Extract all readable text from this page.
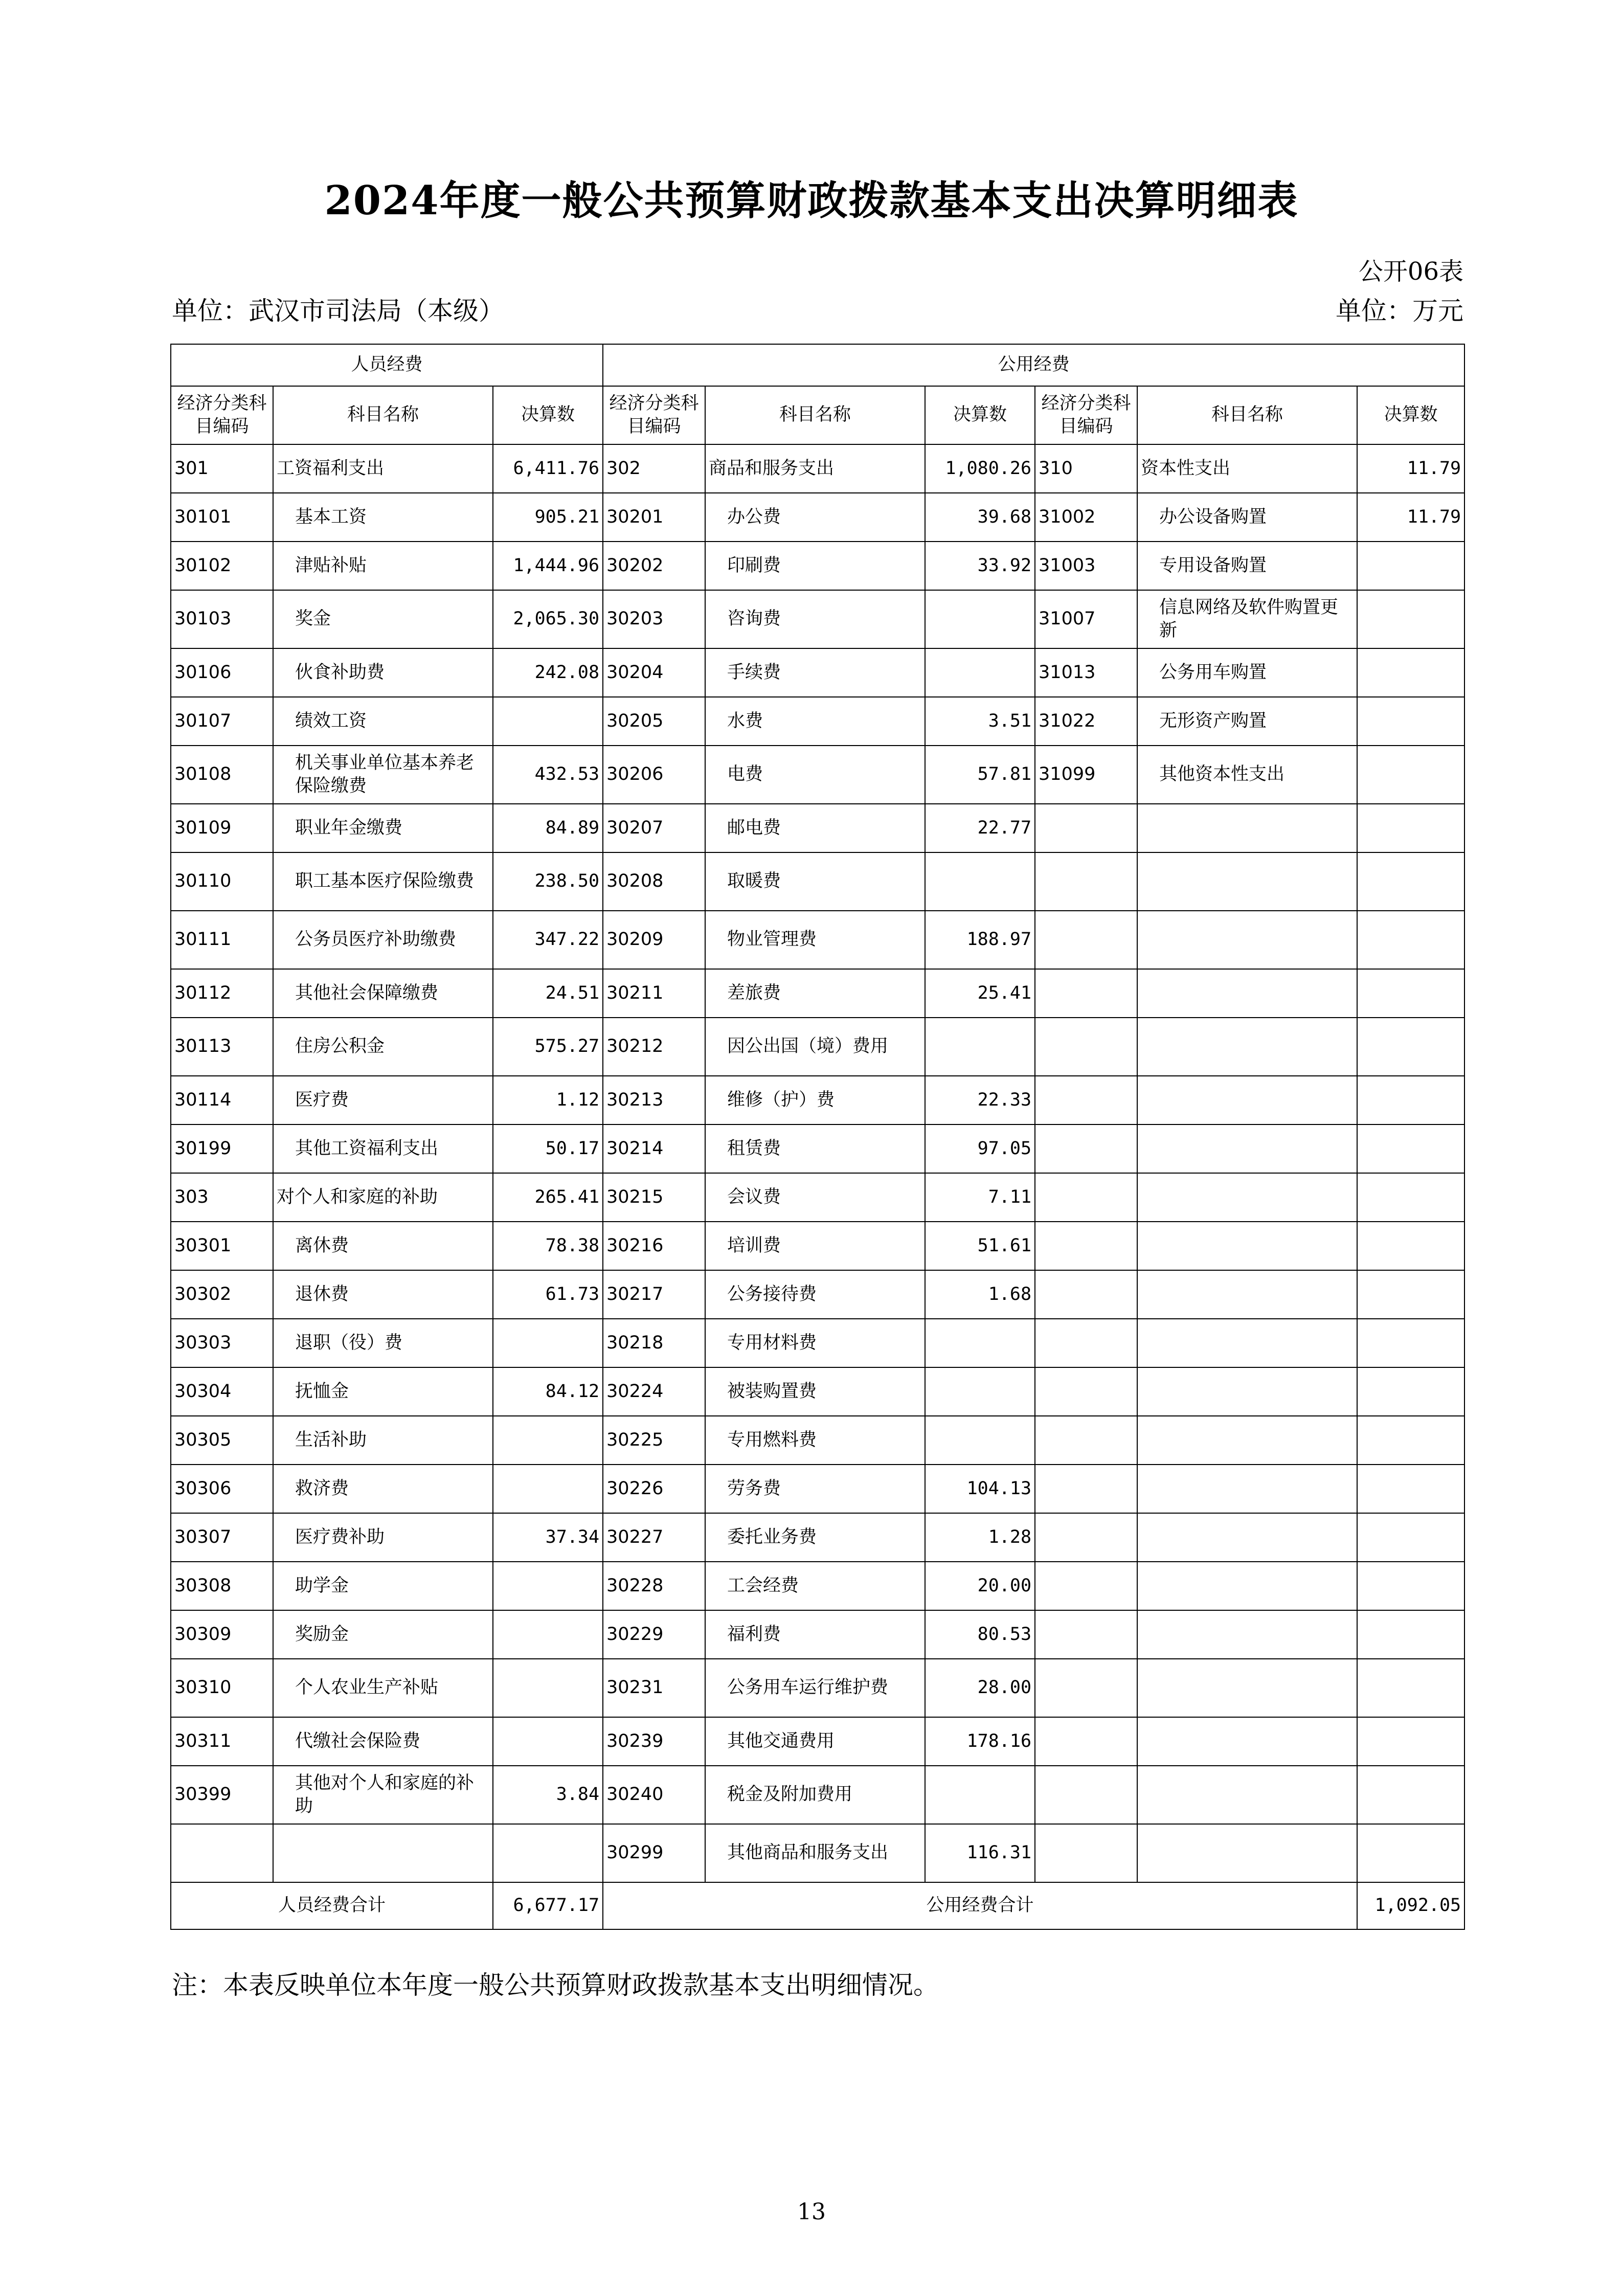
2024年度一般公共预算财政拨款基本支出决算明细表
公开06表
单位：武汉市司法局（本级）	单位：万元
人员经费			公用经费					
经济分类科目编码	科目名称	决算数	经济分类科目编码	科目名称	决算数	经济分类科目编码	科目名称	决算数
301	工资福利支出	6,411.76	302	商品和服务支出	1,080.26	310	资本性支出	11.79
30101	基本工资	905.21	30201	办公费	39.68	31002	办公设备购置	11.79
30102	津贴补贴	1,444.96	30202	印刷费	33.92	31003	专用设备购置	
30103	奖金	2,065.30	30203	咨询费		31007	信息网络及软件购置更新	
30106	伙食补助费	242.08	30204	手续费		31013	公务用车购置	
30107	绩效工资		30205	水费	3.51	31022	无形资产购置	
30108	机关事业单位基本养老保险缴费	432.53	30206	电费	57.81	31099	其他资本性支出	
30109	职业年金缴费	84.89	30207	邮电费	22.77			
30110	职工基本医疗保险缴费	238.50	30208	取暖费				
30111	公务员医疗补助缴费	347.22	30209	物业管理费	188.97			
30112	其他社会保障缴费	24.51	30211	差旅费	25.41			
30113	住房公积金	575.27	30212	因公出国（境）费用				
30114	医疗费	1.12	30213	维修（护）费	22.33			
30199	其他工资福利支出	50.17	30214	租赁费	97.05			
303	对个人和家庭的补助	265.41	30215	会议费	7.11			
30301	离休费	78.38	30216	培训费	51.61			
30302	退休费	61.73	30217	公务接待费	1.68			
30303	退职（役）费		30218	专用材料费				
30304	抚恤金	84.12	30224	被装购置费				
30305	生活补助		30225	专用燃料费				
30306	救济费		30226	劳务费	104.13			
30307	医疗费补助	37.34	30227	委托业务费	1.28			
30308	助学金		30228	工会经费	20.00			
30309	奖励金		30229	福利费	80.53			
30310	个人农业生产补贴		30231	公务用车运行维护费	28.00			
30311	代缴社会保险费		30239	其他交通费用	178.16			
30399	其他对个人和家庭的补助	3.84	30240	税金及附加费用				
			30299	其他商品和服务支出	116.31			
人员经费合计		6,677.17	公用经费合计					1,092.05
注：本表反映单位本年度一般公共预算财政拨款基本支出明细情况。
13
